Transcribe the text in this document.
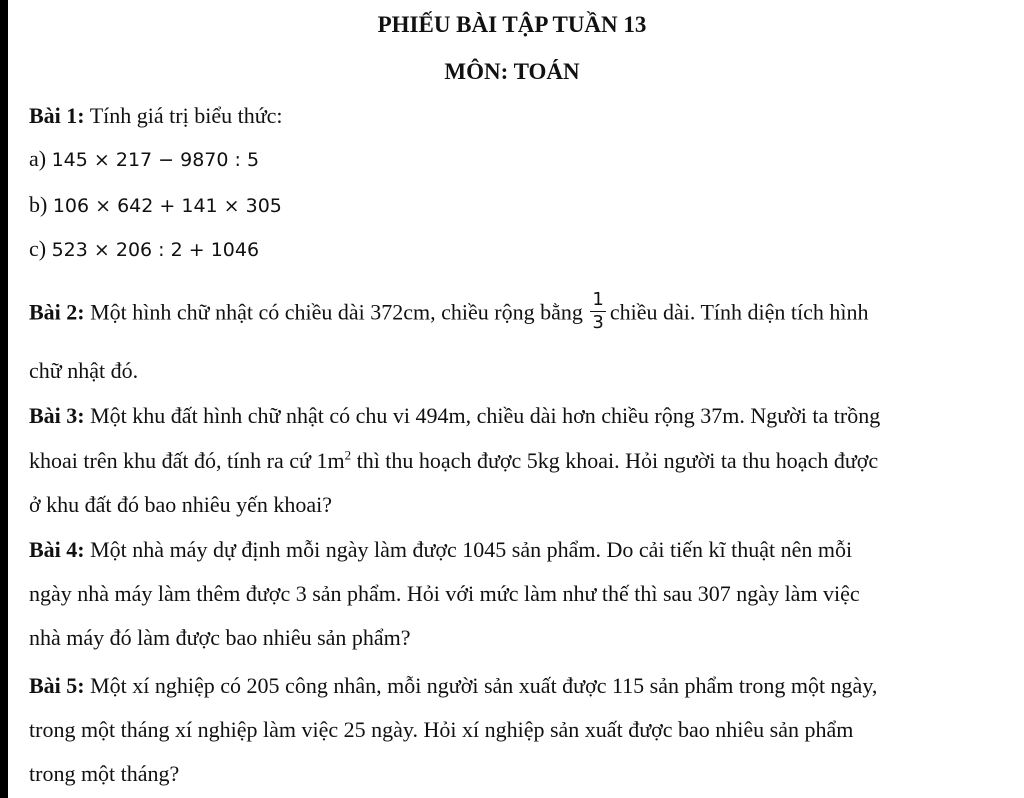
PHIẾU BÀI TẬP TUẦN 13
MÔN: TOÁN
Bài 1: Tính giá trị biểu thức:
a) 145 × 217 − 9870 : 5
b) 106 × 642 + 141 × 305
c) 523 × 206 : 2 + 1046
Bài 2: Một hình chữ nhật có chiều dài 372cm, chiều rộng bằng $\frac{1}{3}$ chiều dài. Tính diện tích hình
chữ nhật đó.
Bài 3: Một khu đất hình chữ nhật có chu vi 494m, chiều dài hơn chiều rộng 37m. Người ta trồng
khoai trên khu đất đó, tính ra cứ $1m^2$ thì thu hoạch được 5kg khoai. Hỏi người ta thu hoạch được
ở khu đất đó bao nhiêu yến khoai?
Bài 4: Một nhà máy dự định mỗi ngày làm được 1045 sản phẩm. Do cải tiến kĩ thuật nên mỗi
ngày nhà máy làm thêm được 3 sản phẩm. Hỏi với mức làm như thế thì sau 307 ngày làm việc
nhà máy đó làm được bao nhiêu sản phẩm?
Bài 5: Một xí nghiệp có 205 công nhân, mỗi người sản xuất được 115 sản phẩm trong một ngày,
trong một tháng xí nghiệp làm việc 25 ngày. Hỏi xí nghiệp sản xuất được bao nhiêu sản phẩm
trong một tháng?
